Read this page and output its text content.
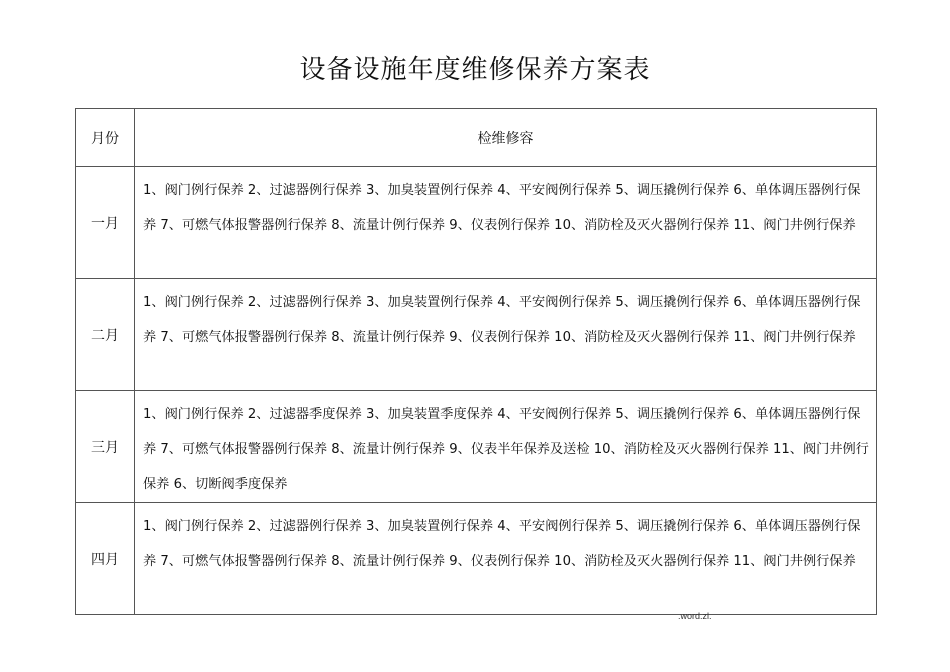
设备设施年度维修保养方案表
月份	检维修容
一月	1、阀门例行保养 2、过滤器例行保养 3、加臭装置例行保养 4、平安阀例行保养 5、调压撬例行保养 6、单体调压器例行保养 7、可燃气体报警器例行保养 8、流量计例行保养 9、仪表例行保养 10、消防栓及灭火器例行保养 11、阀门井例行保养
二月	1、阀门例行保养 2、过滤器例行保养 3、加臭装置例行保养 4、平安阀例行保养 5、调压撬例行保养 6、单体调压器例行保养 7、可燃气体报警器例行保养 8、流量计例行保养 9、仪表例行保养 10、消防栓及灭火器例行保养 11、阀门井例行保养
三月	1、阀门例行保养 2、过滤器季度保养 3、加臭装置季度保养 4、平安阀例行保养 5、调压撬例行保养 6、单体调压器例行保养 7、可燃气体报警器例行保养 8、流量计例行保养 9、仪表半年保养及送检 10、消防栓及灭火器例行保养 11、阀门井例行保养 6、切断阀季度保养
四月	1、阀门例行保养 2、过滤器例行保养 3、加臭装置例行保养 4、平安阀例行保养 5、调压撬例行保养 6、单体调压器例行保养 7、可燃气体报警器例行保养 8、流量计例行保养 9、仪表例行保养 10、消防栓及灭火器例行保养 11、阀门井例行保养
.word.zl.
